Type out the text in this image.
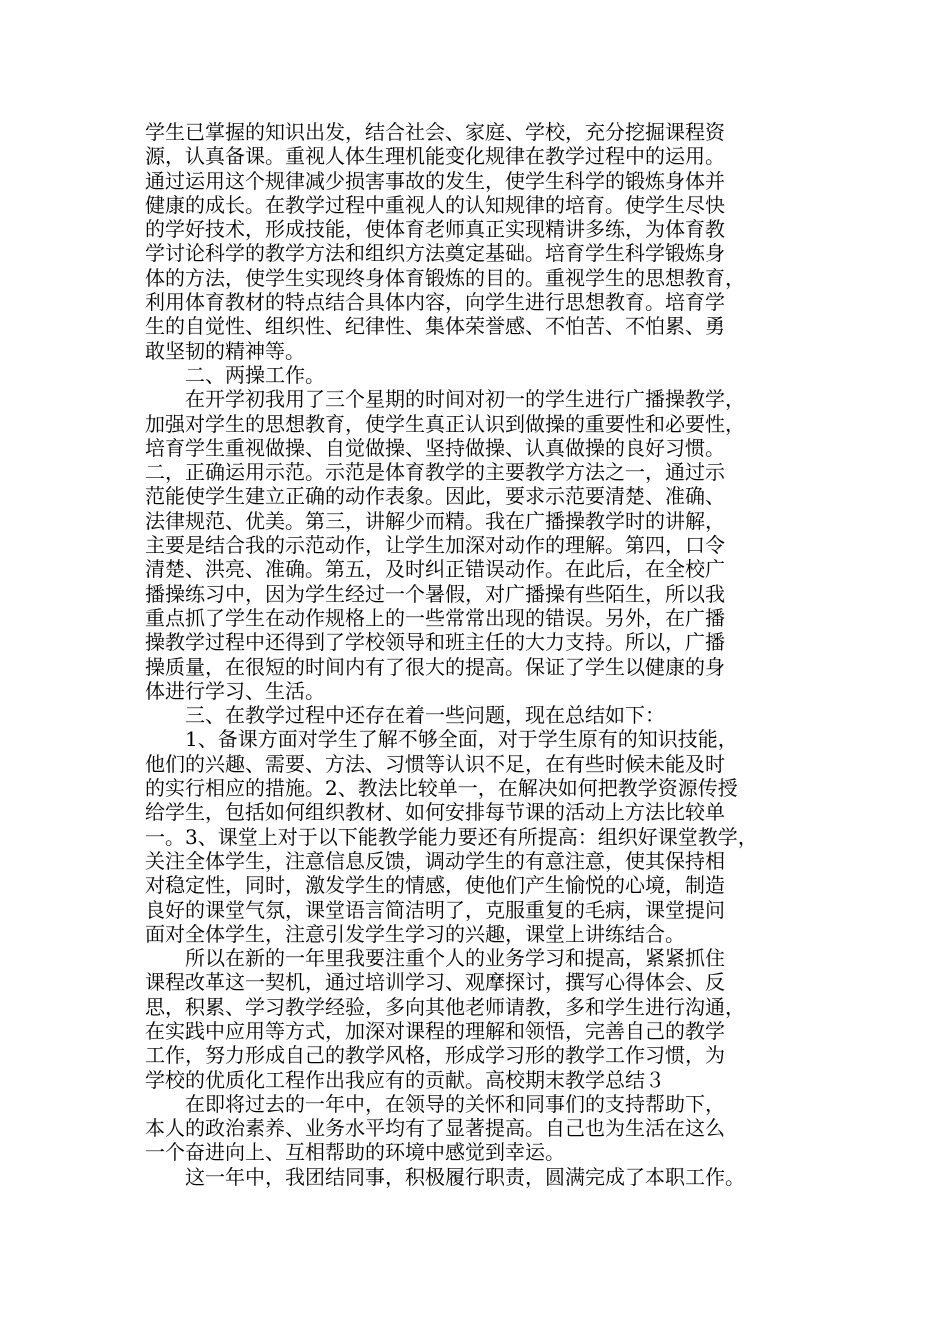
学生已掌握的知识出发，结合社会、家庭、学校，充分挖掘课程资
源，认真备课。重视人体生理机能变化规律在教学过程中的运用。
通过运用这个规律减少损害事故的发生，使学生科学的锻炼身体并
健康的成长。在教学过程中重视人的认知规律的培育。使学生尽快
的学好技术，形成技能，使体育老师真正实现精讲多练，为体育教
学讨论科学的教学方法和组织方法奠定基础。培育学生科学锻炼身
体的方法，使学生实现终身体育锻炼的目的。重视学生的思想教育，
利用体育教材的特点结合具体内容，向学生进行思想教育。培育学
生的自觉性、组织性、纪律性、集体荣誉感、不怕苦、不怕累、勇
敢坚韧的精神等。
　　二、两操工作。
　　在开学初我用了三个星期的时间对初一的学生进行广播操教学，
加强对学生的思想教育，使学生真正认识到做操的重要性和必要性，
培育学生重视做操、自觉做操、坚持做操、认真做操的良好习惯。
二，正确运用示范。示范是体育教学的主要教学方法之一，通过示
范能使学生建立正确的动作表象。因此，要求示范要清楚、准确、
法律规范、优美。第三，讲解少而精。我在广播操教学时的讲解，
主要是结合我的示范动作，让学生加深对动作的理解。第四，口令
清楚、洪亮、准确。第五，及时纠正错误动作。在此后，在全校广
播操练习中，因为学生经过一个暑假，对广播操有些陌生，所以我
重点抓了学生在动作规格上的一些常常出现的错误。另外，在广播
操教学过程中还得到了学校领导和班主任的大力支持。所以，广播
操质量，在很短的时间内有了很大的提高。保证了学生以健康的身
体进行学习、生活。
　　三、在教学过程中还存在着一些问题，现在总结如下：
　　1、备课方面对学生了解不够全面，对于学生原有的知识技能，
他们的兴趣、需要、方法、习惯等认识不足，在有些时候未能及时
的实行相应的措施。2、教法比较单一，在解决如何把教学资源传授
给学生，包括如何组织教材、如何安排每节课的活动上方法比较单
一。3、课堂上对于以下能教学能力要还有所提高：组织好课堂教学，
关注全体学生，注意信息反馈，调动学生的有意注意，使其保持相
对稳定性，同时，激发学生的情感，使他们产生愉悦的心境，制造
良好的课堂气氛，课堂语言简洁明了，克服重复的毛病，课堂提问
面对全体学生，注意引发学生学习的兴趣，课堂上讲练结合。
　　所以在新的一年里我要注重个人的业务学习和提高，紧紧抓住
课程改革这一契机，通过培训学习、观摩探讨，撰写心得体会、反
思，积累、学习教学经验，多向其他老师请教，多和学生进行沟通，
在实践中应用等方式，加深对课程的理解和领悟，完善自己的教学
工作，努力形成自己的教学风格，形成学习形的教学工作习惯，为
学校的优质化工程作出我应有的贡献。高校期末教学总结３
　　在即将过去的一年中，在领导的关怀和同事们的支持帮助下，
本人的政治素养、业务水平均有了显著提高。自己也为生活在这么
一个奋进向上、互相帮助的环境中感觉到幸运。
　　这一年中，我团结同事，积极履行职责，圆满完成了本职工作。
